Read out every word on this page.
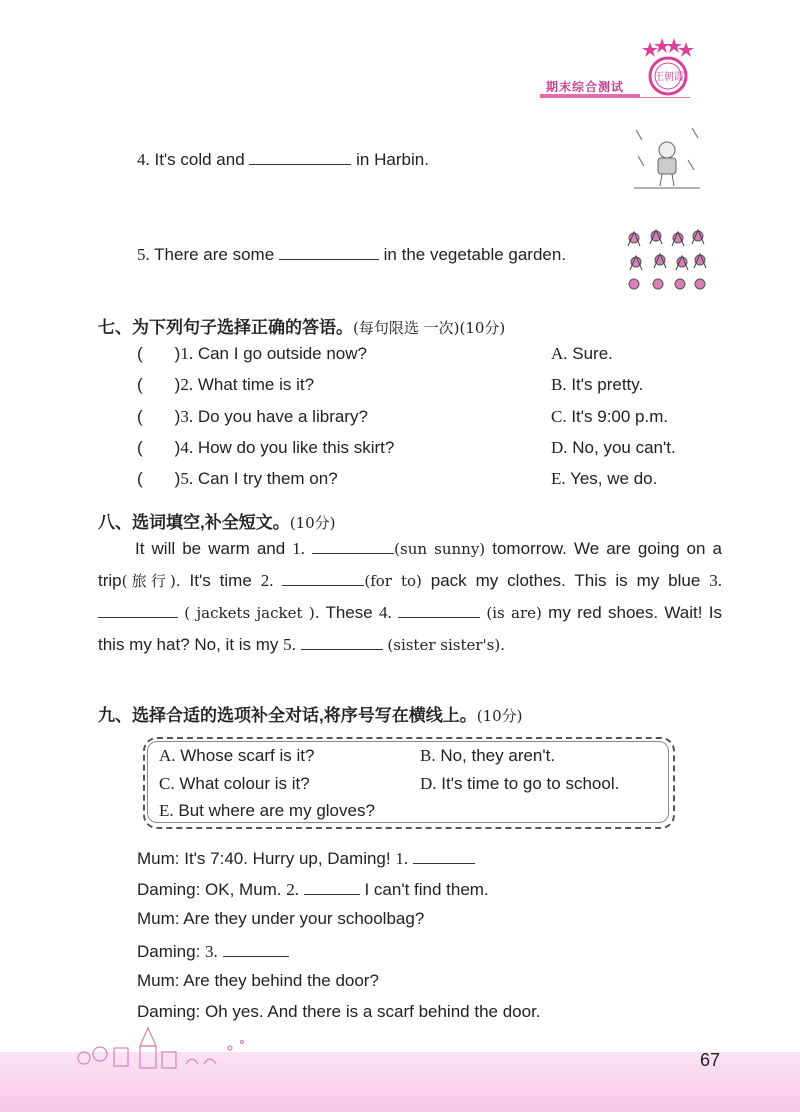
王朝霞
期末综合测试
4. It's cold and	in Harbin.
5. There are some	in the vegetable garden.
七、为下列句子选择正确的答语。(每句限选 一次)(10分)
( )1. Can I go outside now?
( )2. What time is it?
( )3. Do you have a library?
( )4. How do you like this skirt?
( )5. Can I try them on?
A. Sure.
B. It's pretty.
C. It's 9:00 p.m.
D. No, you can't.
E. Yes, we do.
八、选词填空,补全短文。(10分)

It will be warm and 1.	(sun sunny) tomorrow. We are going on a trip(旅行). It's time 2.	(for to) pack my clothes. This is my blue 3.  ( jackets jacket ). These 4.	(is are) my red shoes. Wait! Is this my hat? No, it is my 5.	(sister sister's).

九、选择合适的选项补全对话,将序号写在横线上。(10分)
A. Whose scarf is it?	B. No, they aren't.
C. What colour is it?	D. It's time to go to school.
E. But where are my gloves?
Mum: It's 7:40. Hurry up, Daming! 1.
Daming: OK, Mum. 2.	I can't find them.
Mum: Are they under your schoolbag?
Daming: 3.
Mum: Are they behind the door?
Daming: Oh yes. And there is a scarf behind the door.
67
